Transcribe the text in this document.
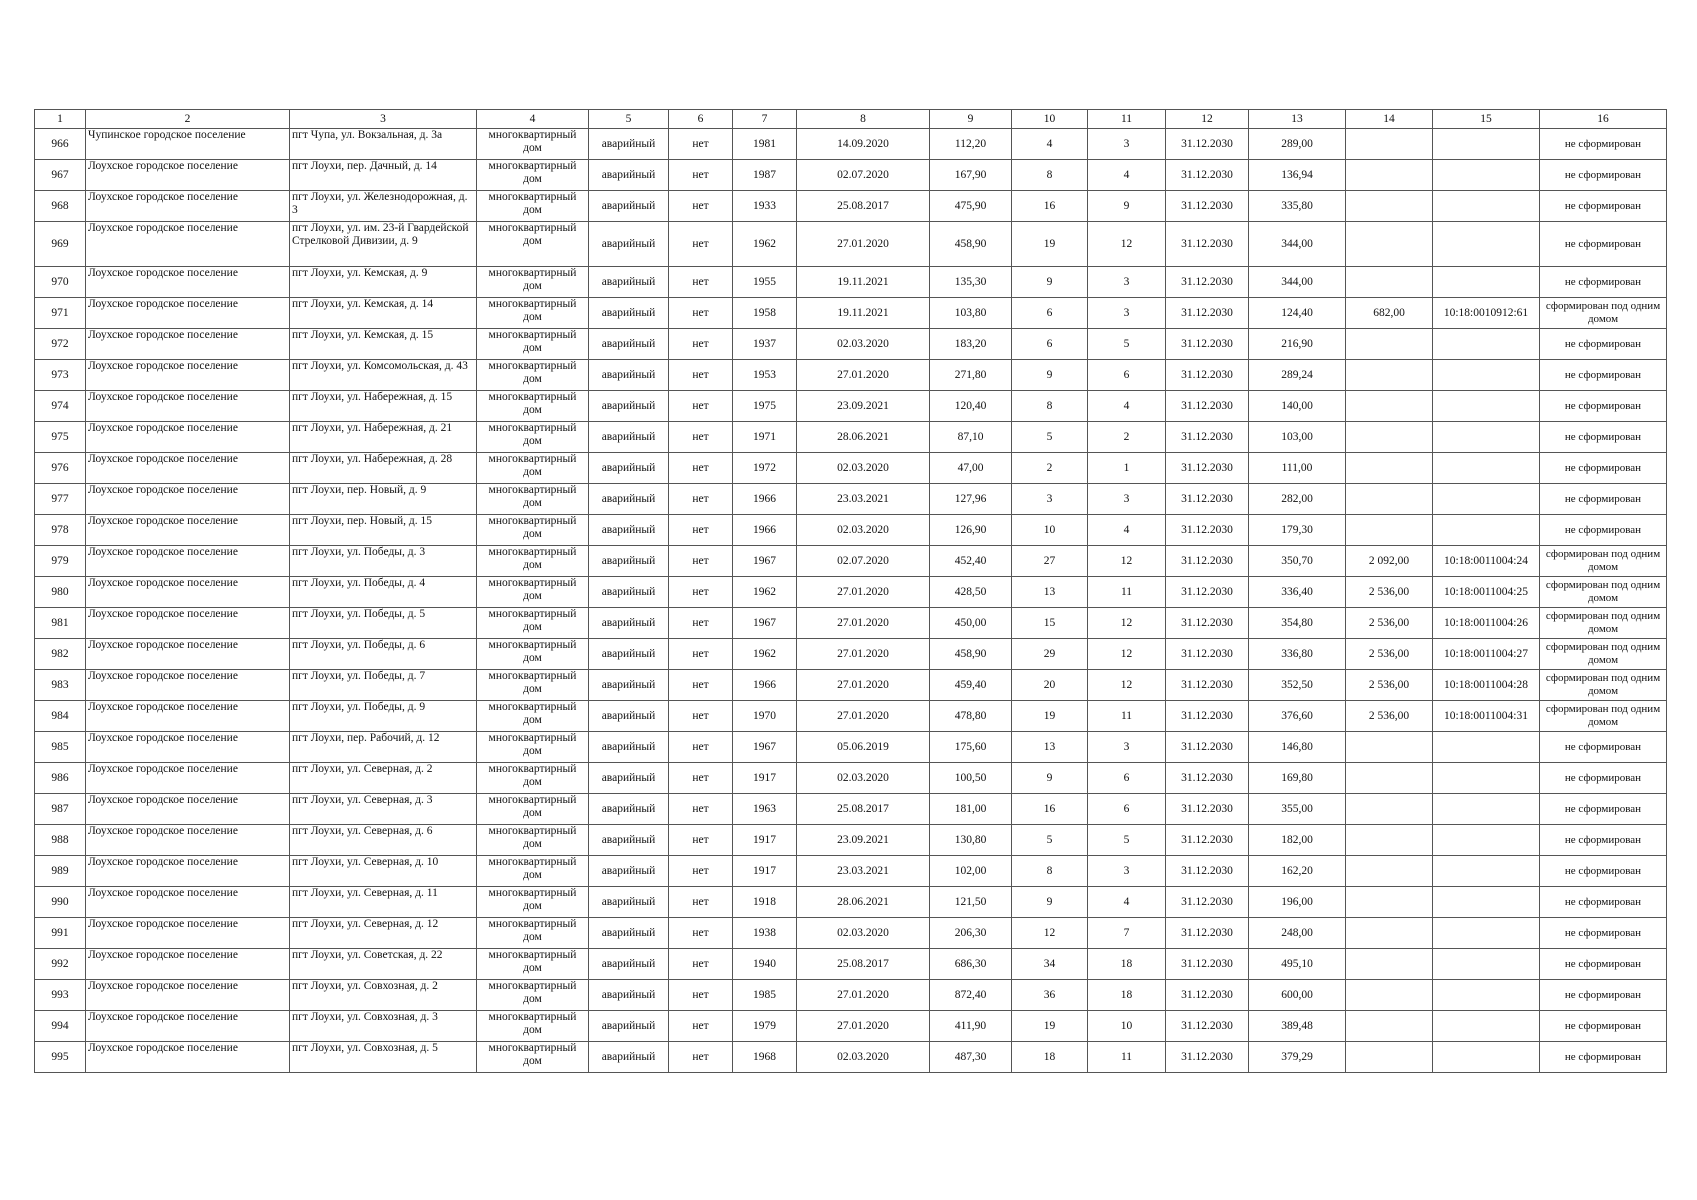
1	2	3	4	5	6	7	8	9	10	11	12	13	14	15	16
966	Чупинское городское поселение	пгт Чупа, ул. Вокзальная, д. 3а	многоквартирный дом	аварийный	нет	1981	14.09.2020	112,20	4	3	31.12.2030	289,00			не сформирован
967	Лоухское городское поселение	пгт Лоухи, пер. Дачный, д. 14	многоквартирный дом	аварийный	нет	1987	02.07.2020	167,90	8	4	31.12.2030	136,94			не сформирован
968	Лоухское городское поселение	пгт Лоухи, ул. Железнодорожная, д. 3	многоквартирный дом	аварийный	нет	1933	25.08.2017	475,90	16	9	31.12.2030	335,80			не сформирован
969	Лоухское городское поселение	пгт Лоухи, ул. им. 23-й Гвардейской Стрелковой Дивизии, д. 9	многоквартирный дом	аварийный	нет	1962	27.01.2020	458,90	19	12	31.12.2030	344,00			не сформирован
970	Лоухское городское поселение	пгт Лоухи, ул. Кемская, д. 9	многоквартирный дом	аварийный	нет	1955	19.11.2021	135,30	9	3	31.12.2030	344,00			не сформирован
971	Лоухское городское поселение	пгт Лоухи, ул. Кемская, д. 14	многоквартирный дом	аварийный	нет	1958	19.11.2021	103,80	6	3	31.12.2030	124,40	682,00	10:18:0010912:61	сформирован под одним домом
972	Лоухское городское поселение	пгт Лоухи, ул. Кемская, д. 15	многоквартирный дом	аварийный	нет	1937	02.03.2020	183,20	6	5	31.12.2030	216,90			не сформирован
973	Лоухское городское поселение	пгт Лоухи, ул. Комсомольская, д. 43	многоквартирный дом	аварийный	нет	1953	27.01.2020	271,80	9	6	31.12.2030	289,24			не сформирован
974	Лоухское городское поселение	пгт Лоухи, ул. Набережная, д. 15	многоквартирный дом	аварийный	нет	1975	23.09.2021	120,40	8	4	31.12.2030	140,00			не сформирован
975	Лоухское городское поселение	пгт Лоухи, ул. Набережная, д. 21	многоквартирный дом	аварийный	нет	1971	28.06.2021	87,10	5	2	31.12.2030	103,00			не сформирован
976	Лоухское городское поселение	пгт Лоухи, ул. Набережная, д. 28	многоквартирный дом	аварийный	нет	1972	02.03.2020	47,00	2	1	31.12.2030	111,00			не сформирован
977	Лоухское городское поселение	пгт Лоухи, пер. Новый, д. 9	многоквартирный дом	аварийный	нет	1966	23.03.2021	127,96	3	3	31.12.2030	282,00			не сформирован
978	Лоухское городское поселение	пгт Лоухи, пер. Новый, д. 15	многоквартирный дом	аварийный	нет	1966	02.03.2020	126,90	10	4	31.12.2030	179,30			не сформирован
979	Лоухское городское поселение	пгт Лоухи, ул. Победы, д. 3	многоквартирный дом	аварийный	нет	1967	02.07.2020	452,40	27	12	31.12.2030	350,70	2 092,00	10:18:0011004:24	сформирован под одним домом
980	Лоухское городское поселение	пгт Лоухи, ул. Победы, д. 4	многоквартирный дом	аварийный	нет	1962	27.01.2020	428,50	13	11	31.12.2030	336,40	2 536,00	10:18:0011004:25	сформирован под одним домом
981	Лоухское городское поселение	пгт Лоухи, ул. Победы, д. 5	многоквартирный дом	аварийный	нет	1967	27.01.2020	450,00	15	12	31.12.2030	354,80	2 536,00	10:18:0011004:26	сформирован под одним домом
982	Лоухское городское поселение	пгт Лоухи, ул. Победы, д. 6	многоквартирный дом	аварийный	нет	1962	27.01.2020	458,90	29	12	31.12.2030	336,80	2 536,00	10:18:0011004:27	сформирован под одним домом
983	Лоухское городское поселение	пгт Лоухи, ул. Победы, д. 7	многоквартирный дом	аварийный	нет	1966	27.01.2020	459,40	20	12	31.12.2030	352,50	2 536,00	10:18:0011004:28	сформирован под одним домом
984	Лоухское городское поселение	пгт Лоухи, ул. Победы, д. 9	многоквартирный дом	аварийный	нет	1970	27.01.2020	478,80	19	11	31.12.2030	376,60	2 536,00	10:18:0011004:31	сформирован под одним домом
985	Лоухское городское поселение	пгт Лоухи, пер. Рабочий, д. 12	многоквартирный дом	аварийный	нет	1967	05.06.2019	175,60	13	3	31.12.2030	146,80			не сформирован
986	Лоухское городское поселение	пгт Лоухи, ул. Северная, д. 2	многоквартирный дом	аварийный	нет	1917	02.03.2020	100,50	9	6	31.12.2030	169,80			не сформирован
987	Лоухское городское поселение	пгт Лоухи, ул. Северная, д. 3	многоквартирный дом	аварийный	нет	1963	25.08.2017	181,00	16	6	31.12.2030	355,00			не сформирован
988	Лоухское городское поселение	пгт Лоухи, ул. Северная, д. 6	многоквартирный дом	аварийный	нет	1917	23.09.2021	130,80	5	5	31.12.2030	182,00			не сформирован
989	Лоухское городское поселение	пгт Лоухи, ул. Северная, д. 10	многоквартирный дом	аварийный	нет	1917	23.03.2021	102,00	8	3	31.12.2030	162,20			не сформирован
990	Лоухское городское поселение	пгт Лоухи, ул. Северная, д. 11	многоквартирный дом	аварийный	нет	1918	28.06.2021	121,50	9	4	31.12.2030	196,00			не сформирован
991	Лоухское городское поселение	пгт Лоухи, ул. Северная, д. 12	многоквартирный дом	аварийный	нет	1938	02.03.2020	206,30	12	7	31.12.2030	248,00			не сформирован
992	Лоухское городское поселение	пгт Лоухи, ул. Советская, д. 22	многоквартирный дом	аварийный	нет	1940	25.08.2017	686,30	34	18	31.12.2030	495,10			не сформирован
993	Лоухское городское поселение	пгт Лоухи, ул. Совхозная, д. 2	многоквартирный дом	аварийный	нет	1985	27.01.2020	872,40	36	18	31.12.2030	600,00			не сформирован
994	Лоухское городское поселение	пгт Лоухи, ул. Совхозная, д. 3	многоквартирный дом	аварийный	нет	1979	27.01.2020	411,90	19	10	31.12.2030	389,48			не сформирован
995	Лоухское городское поселение	пгт Лоухи, ул. Совхозная, д. 5	многоквартирный дом	аварийный	нет	1968	02.03.2020	487,30	18	11	31.12.2030	379,29			не сформирован
